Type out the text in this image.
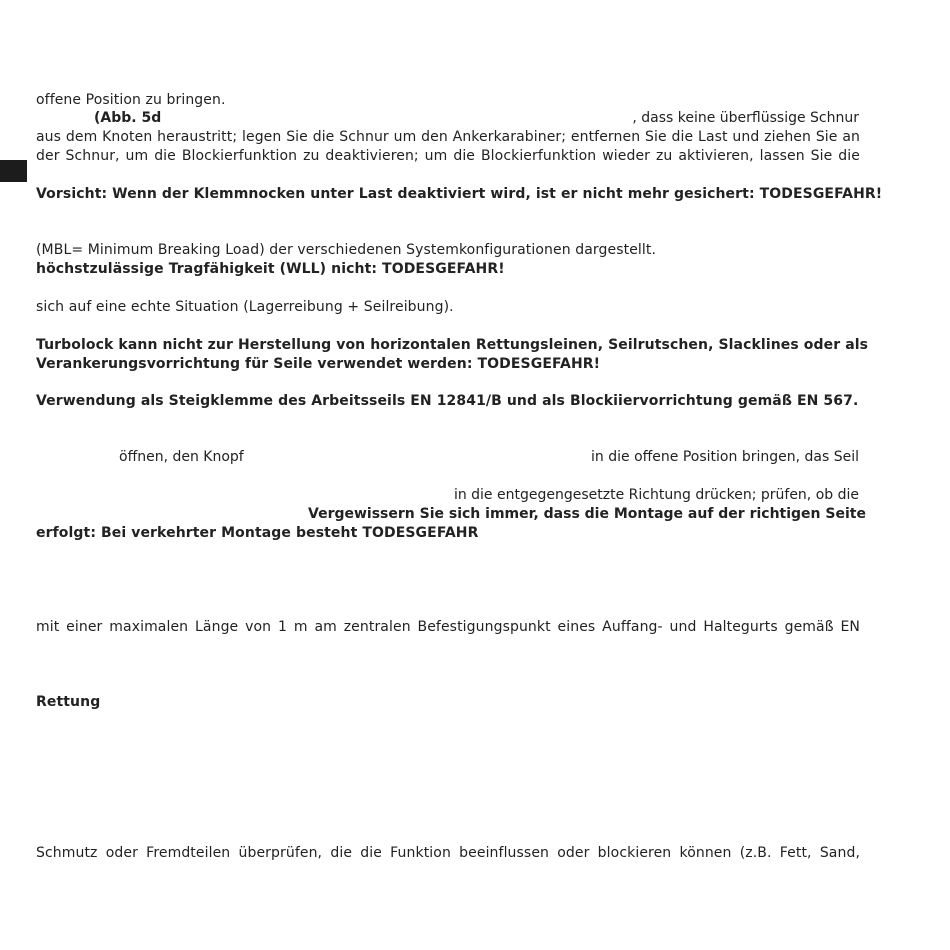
offene Position zu bringen.
(Abb. 5d	, dass keine überflüssige Schnur
aus dem Knoten heraustritt; legen Sie die Schnur um den Ankerkarabiner; entfernen Sie die Last und ziehen Sie an
der Schnur, um die Blockierfunktion zu deaktivieren; um die Blockierfunktion wieder zu aktivieren, lassen Sie die
Vorsicht: Wenn der Klemmnocken unter Last deaktiviert wird, ist er nicht mehr gesichert: TODESGEFAHR!
(MBL= Minimum Breaking Load) der verschiedenen Systemkonfigurationen dargestellt.
höchstzulässige Tragfähigkeit (WLL) nicht: TODESGEFAHR!
sich auf eine echte Situation (Lagerreibung + Seilreibung).
Turbolock kann nicht zur Herstellung von horizontalen Rettungsleinen, Seilrutschen, Slacklines oder als
Verankerungsvorrichtung für Seile verwendet werden: TODESGEFAHR!
Verwendung als Steigklemme des Arbeitsseils EN 12841/B und als Blockiiervorrichtung gemäß EN 567.
öffnen, den Knopf	in die offene Position bringen, das Seil
in die entgegengesetzte Richtung drücken; prüfen, ob die
Vergewissern Sie sich immer, dass die Montage auf der richtigen Seite
erfolgt: Bei verkehrter Montage besteht TODESGEFAHR
mit einer maximalen Länge von 1 m am zentralen Befestigungspunkt eines Auffang- und Haltegurts gemäß EN
Rettung
Schmutz oder Fremdteilen überprüfen, die die Funktion beeinflussen oder blockieren können (z.B. Fett, Sand,
